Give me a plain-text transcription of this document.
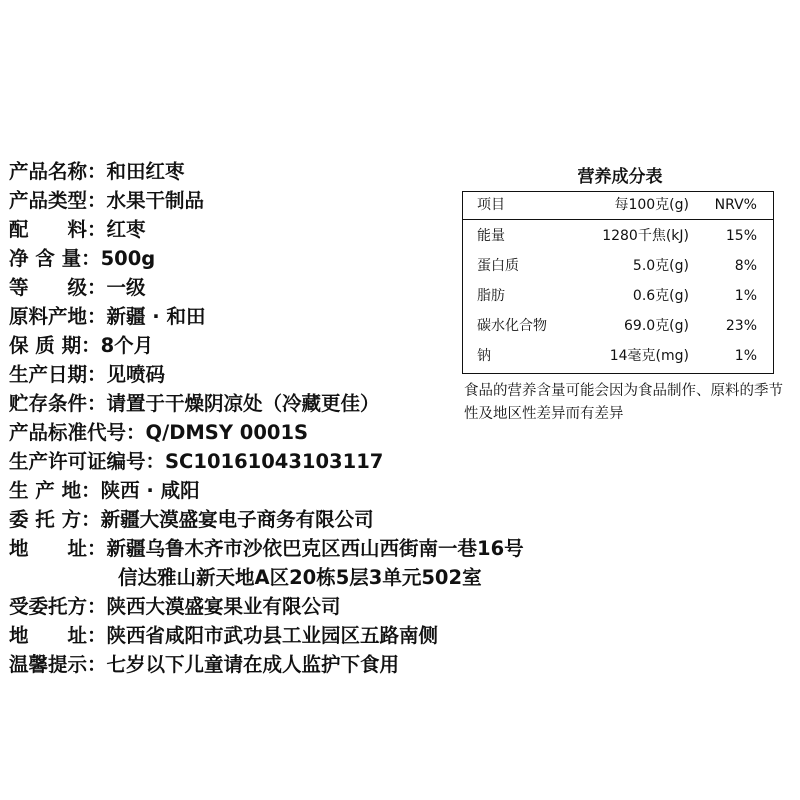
产品名称： 和田红枣
产品类型： 水果干制品
配　　料： 红枣
净 含 量： 500g
等　　级： 一级
原料产地： 新疆 · 和田
保 质 期： 8个月
生产日期： 见喷码
贮存条件： 请置于干燥阴凉处（冷藏更佳）
产品标准代号： Q/DMSY 0001S
生产许可证编号： SC10161043103117
生 产 地： 陕西 · 咸阳
委 托 方： 新疆大漠盛宴电子商务有限公司
地　　址： 新疆乌鲁木齐市沙依巴克区西山西街南一巷16号
信达雅山新天地A区20栋5层3单元502室
受委托方： 陕西大漠盛宴果业有限公司
地　　址： 陕西省咸阳市武功县工业园区五路南侧
温馨提示： 七岁以下儿童请在成人监护下食用
营养成分表
项目	每100克(g) NRV%
能量	1280千焦(kJ)	15%
蛋白质	5.0克(g)	8%
脂肪	0.6克(g)	1%
碳水化合物	69.0克(g)	23%
钠	14毫克(mg)	1%
食品的营养含量可能会因为食品制作、原料的季节性及地区性差异而有差异
